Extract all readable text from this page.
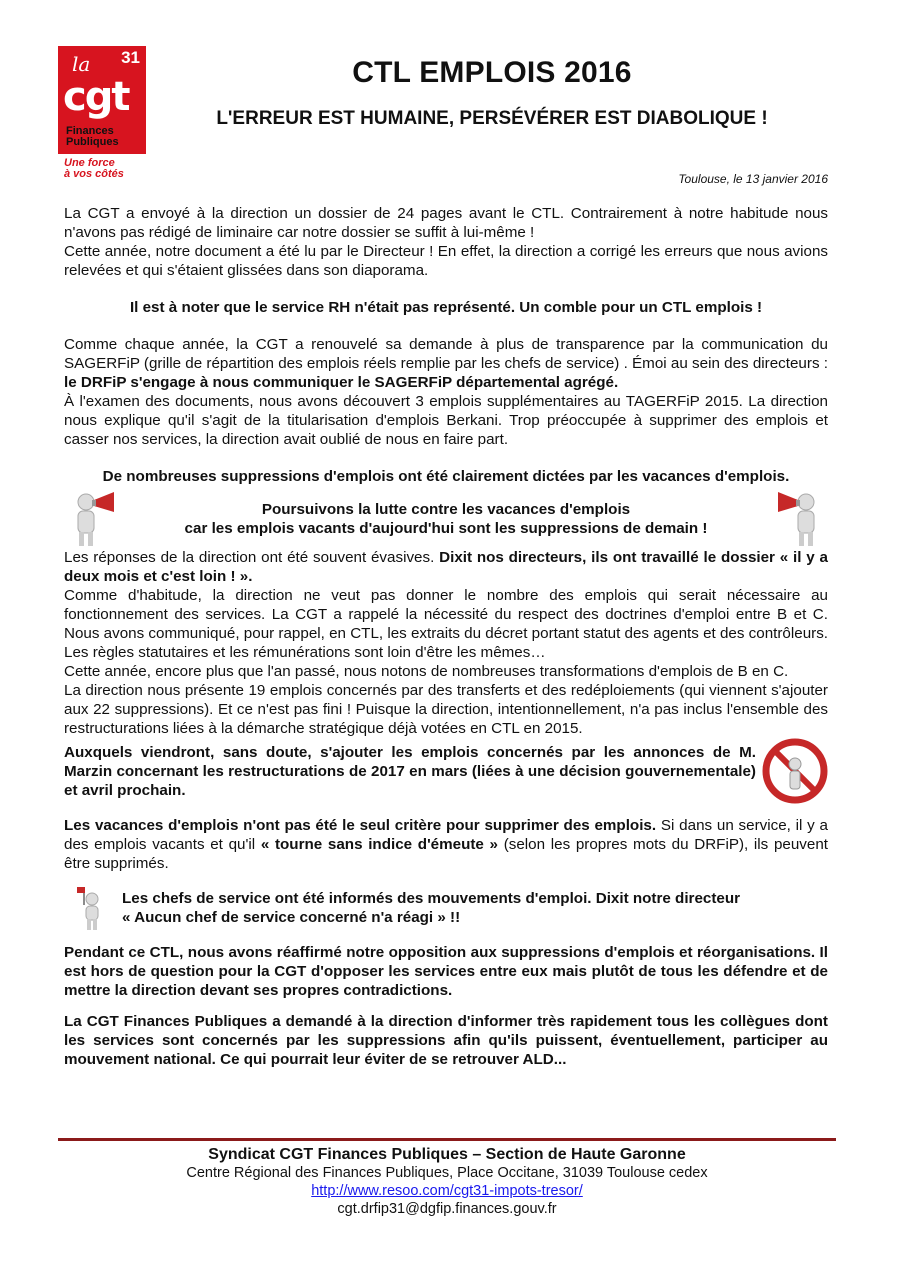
31
la
cgt
Finances
Publiques
Une force
à vos côtés
CTL EMPLOIS 2016
L'ERREUR EST HUMAINE, PERSÉVÉRER EST DIABOLIQUE !
Toulouse, le 13 janvier 2016

La CGT a envoyé à la direction un dossier de 24 pages avant le CTL. Contrairement à notre habitude nous n'avons pas rédigé de liminaire car notre dossier se suffit à lui-même !

Cette année, notre document a été lu par le Directeur ! En effet, la direction a corrigé les erreurs que nous avions relevées et qui s'étaient glissées dans son diaporama.

Il est à noter que le service RH n'était pas représenté. Un comble pour un CTL emplois !

Comme chaque année, la CGT a renouvelé sa demande à plus de transparence par la communication du SAGERFiP (grille de répartition des emplois réels remplie par les chefs de service) . Émoi au sein des directeurs : le DRFiP s'engage à nous communiquer le SAGERFiP départemental agrégé.

À l'examen des documents, nous avons découvert 3 emplois supplémentaires au TAGERFiP 2015. La direction nous explique qu'il s'agit de la titularisation d'emplois Berkani. Trop préoccupée à supprimer des emplois et casser nos services, la direction avait oublié de nous en faire part.

De nombreuses suppressions d'emplois ont été clairement dictées par les vacances d'emplois.

Poursuivons la lutte contre les vacances d'emplois
car les emplois vacants d'aujourd'hui sont les suppressions de demain !

Les réponses de la direction ont été souvent évasives. Dixit nos directeurs, ils ont travaillé le dossier « il y a deux mois et c'est loin ! ».

Comme d'habitude, la direction ne veut pas donner le nombre des emplois qui serait nécessaire au fonctionnement des services. La CGT a rappelé la nécessité du respect des doctrines d'emploi entre B et C. Nous avons communiqué, pour rappel, en CTL, les extraits du décret portant statut des agents et des contrôleurs. Les règles statutaires et les rémunérations sont loin d'être les mêmes…

Cette année, encore plus que l'an passé, nous notons de nombreuses transformations d'emplois de B en C.

La direction nous présente 19 emplois concernés par des transferts et des redéploiements (qui viennent s'ajouter aux 22 suppressions). Et ce n'est pas fini ! Puisque la direction, intentionnellement, n'a pas inclus l'ensemble des restructurations liées à la démarche stratégique déjà votées en CTL en 2015.

Auxquels viendront, sans doute, s'ajouter les emplois concernés par les annonces de M. Marzin concernant les restructurations de 2017 en mars (liées à une décision gouvernementale) et avril prochain.

Les vacances d'emplois n'ont pas été le seul critère pour supprimer des emplois. Si dans un service, il y a des emplois vacants et qu'il « tourne sans indice d'émeute » (selon les propres mots du DRFiP), ils peuvent être supprimés.

Les chefs de service ont été informés des mouvements d'emploi. Dixit notre directeur
« Aucun chef de service concerné n'a réagi » !!

Pendant ce CTL, nous avons réaffirmé notre opposition aux suppressions d'emplois et réorganisations. Il est hors de question pour la CGT d'opposer les services entre eux mais plutôt de tous les défendre et de mettre la direction devant ses propres contradictions.

La CGT Finances Publiques a demandé à la direction d'informer très rapidement tous les collègues dont les services sont concernés par les suppressions afin qu'ils puissent, éventuellement, participer au mouvement national. Ce qui pourrait leur éviter de se retrouver ALD...

Syndicat CGT Finances Publiques – Section de Haute Garonne
Centre Régional des Finances Publiques, Place Occitane, 31039 Toulouse cedex
http://www.resoo.com/cgt31-impots-tresor/
cgt.drfip31@dgfip.finances.gouv.fr
